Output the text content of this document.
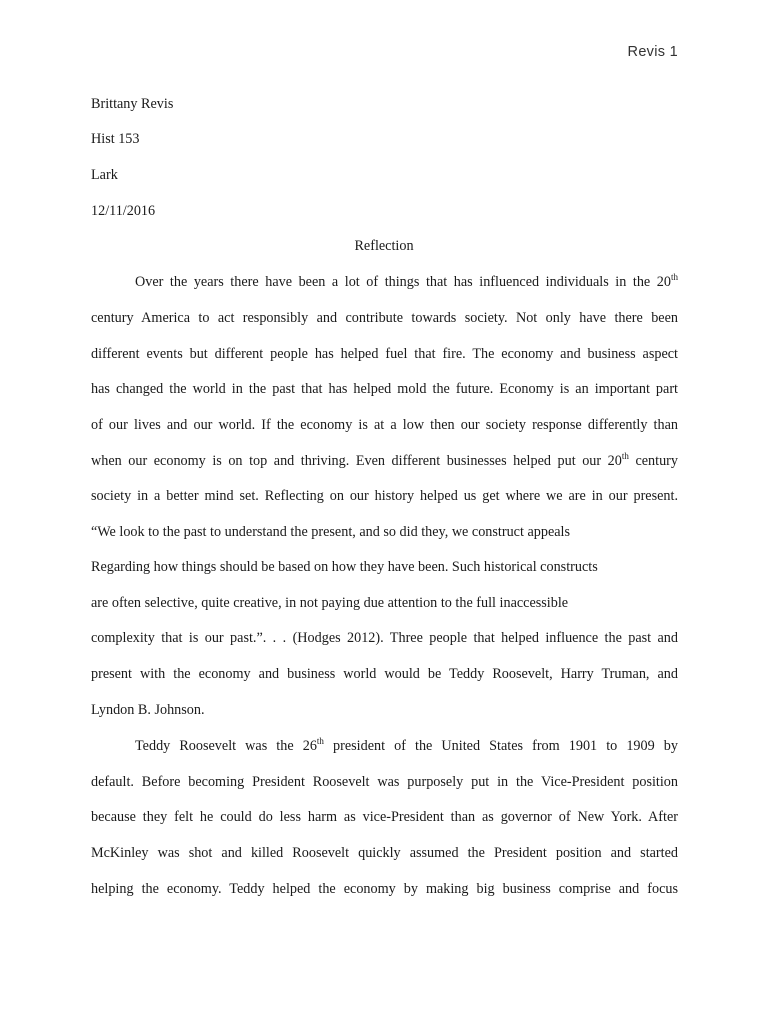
Revis 1
Brittany Revis
Hist 153
Lark
12/11/2016
Reflection
Over the years there have been a lot of things that has influenced individuals in the 20th
century America to act responsibly and contribute towards society. Not only have there been
different events but different people has helped fuel that fire. The economy and business aspect
has changed the world in the past that has helped mold the future. Economy is an important part
of our lives and our world. If the economy is at a low then our society response differently than
when our economy is on top and thriving. Even different businesses helped put our 20th century
society in a better mind set. Reflecting on our history helped us get where we are in our present.
“We look to the past to understand the present, and so did they, we construct appeals
Regarding how things should be based on how they have been. Such historical constructs
are often selective, quite creative, in not paying due attention to the full inaccessible
complexity that is our past.”. . . (Hodges 2012). Three people that helped influence the past and
present with the economy and business world would be Teddy Roosevelt, Harry Truman, and
Lyndon B. Johnson.
Teddy Roosevelt was the 26th president of the United States from 1901 to 1909 by
default. Before becoming President Roosevelt was purposely put in the Vice-President position
because they felt he could do less harm as vice-President than as governor of New York. After
McKinley was shot and killed Roosevelt quickly assumed the President position and started
helping the economy. Teddy helped the economy by making big business comprise and focus
